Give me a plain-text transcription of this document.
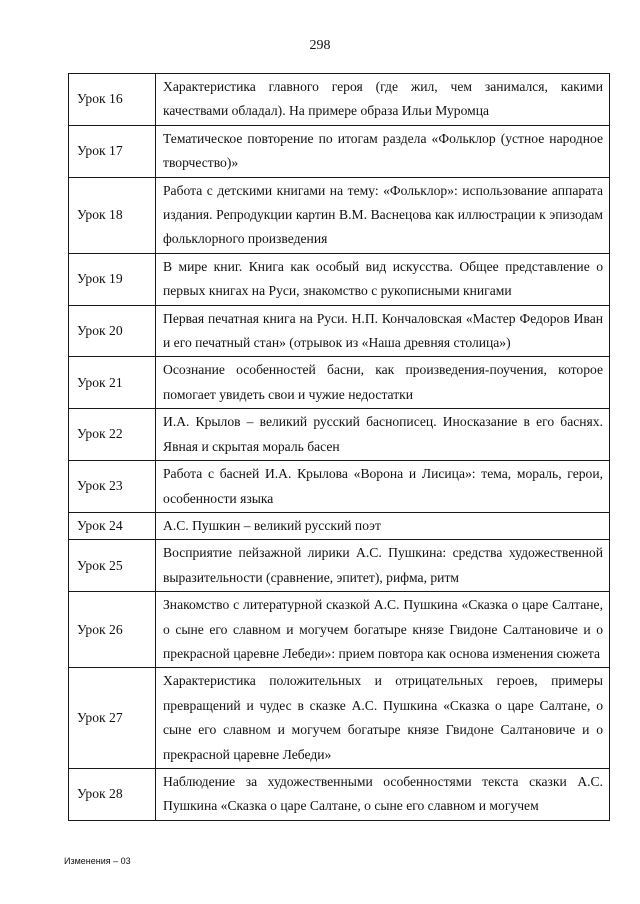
298
Урок 16	Характеристика главного героя (где жил, чем занимался, какими качествами обладал). На примере образа Ильи Муромца
Урок 17	Тематическое повторение по итогам раздела «Фольклор (устное народное творчество)»
Урок 18	Работа с детскими книгами на тему: «Фольклор»: использование аппарата издания. Репродукции картин В.М. Васнецова как иллюстрации к эпизодам фольклорного произведения
Урок 19	В мире книг. Книга как особый вид искусства. Общее представление о первых книгах на Руси, знакомство с рукописными книгами
Урок 20	Первая печатная книга на Руси. Н.П. Кончаловская «Мастер Федоров Иван и его печатный стан» (отрывок из «Наша древняя столица»)
Урок 21	Осознание особенностей басни, как произведения-поучения, которое помогает увидеть свои и чужие недостатки
Урок 22	И.А. Крылов – великий русский баснописец. Иносказание в его баснях. Явная и скрытая мораль басен
Урок 23	Работа с басней И.А. Крылова «Ворона и Лисица»: тема, мораль, герои, особенности языка
Урок 24	А.С. Пушкин – великий русский поэт
Урок 25	Восприятие пейзажной лирики А.С. Пушкина: средства художественной выразительности (сравнение, эпитет), рифма, ритм
Урок 26	Знакомство с литературной сказкой А.С. Пушкина «Сказка о царе Салтане, о сыне его славном и могучем богатыре князе Гвидоне Салтановиче и о прекрасной царевне Лебеди»: прием повтора как основа изменения сюжета
Урок 27	Характеристика положительных и отрицательных героев, примеры превращений и чудес в сказке А.С. Пушкина «Сказка о царе Салтане, о сыне его славном и могучем богатыре князе Гвидоне Салтановиче и о прекрасной царевне Лебеди»
Урок 28	Наблюдение за художественными особенностями текста сказки А.С. Пушкина «Сказка о царе Салтане, о сыне его славном и могучем
Изменения – 03
